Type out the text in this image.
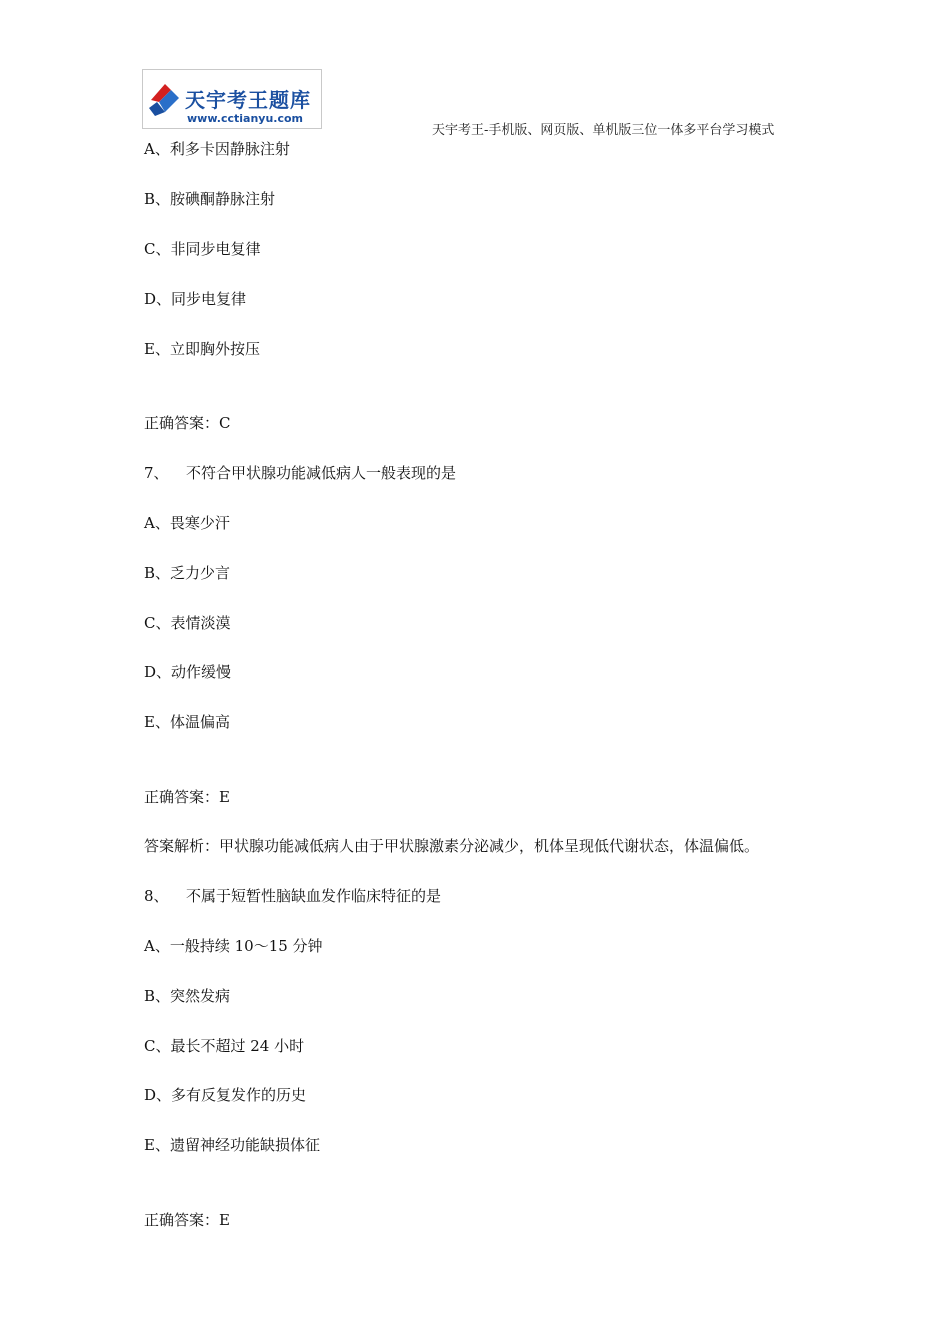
天宇考王题库
www.cctianyu.com
天宇考王-手机版、网页版、单机版三位一体多平台学习模式
A、利多卡因静脉注射
B、胺碘酮静脉注射
C、非同步电复律
D、同步电复律
E、立即胸外按压
正确答案：C
7、 不符合甲状腺功能减低病人一般表现的是
A、畏寒少汗
B、乏力少言
C、表情淡漠
D、动作缓慢
E、体温偏高
正确答案：E
答案解析：甲状腺功能减低病人由于甲状腺激素分泌减少，机体呈现低代谢状态，体温偏低。
8、 不属于短暂性脑缺血发作临床特征的是
A、一般持续 10～15 分钟
B、突然发病
C、最长不超过 24 小时
D、多有反复发作的历史
E、遗留神经功能缺损体征
正确答案：E
